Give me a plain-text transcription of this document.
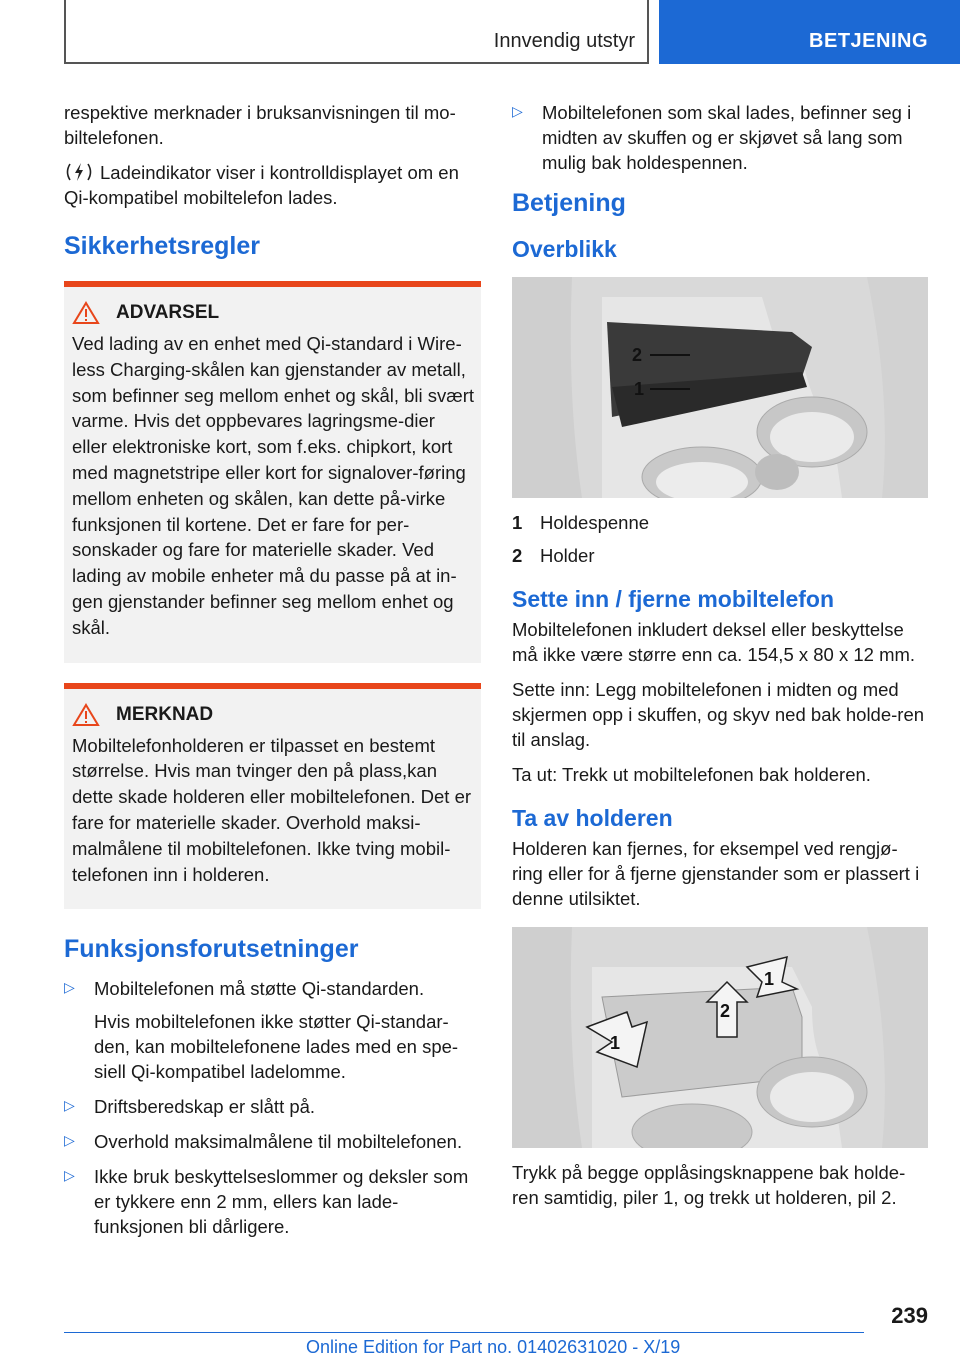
Innvendig utstyr	BETJENING

respektive merknader i bruksanvisningen til mo-biltelefonen.

Ladeindikator viser i kontrolldisplayet om en Qi-kompatibel mobiltelefon lades.

Sikkerhetsregler
ADVARSEL

Ved lading av en enhet med Qi-standard i Wire-less Charging-skålen kan gjenstander av metall, som befinner seg mellom enhet og skål, bli svært varme. Hvis det oppbevares lagringsme-dier eller elektroniske kort, som f.eks. chipkort, kort med magnetstripe eller kort for signalover-føring mellom enheten og skålen, kan dette på-virke funksjonen til kortene. Det er fare for per-sonskader og fare for materielle skader. Ved lading av mobile enheter må du passe på at in-gen gjenstander befinner seg mellom enhet og skål.

MERKNAD

Mobiltelefonholderen er tilpasset en bestemt størrelse. Hvis man tvinger den på plass,kan dette skade holderen eller mobiltelefonen. Det er fare for materielle skader. Overhold maksi-malmålene til mobiltelefonen. Ikke tving mobil-telefonen inn i holderen.

Funksjonsforutsetninger
▷	Mobiltelefonen må støtte Qi-standarden.

Hvis mobiltelefonen ikke støtter Qi-standar-den, kan mobiltelefonene lades med en spe-siell Qi-kompatibel ladelomme.

▷	Driftsberedskap er slått på.

▷	Overhold maksimalmålene til mobiltelefonen.

▷	Ikke bruk beskyttelseslommer og deksler som er tykkere enn 2 mm, ellers kan lade-funksjonen bli dårligere.

▷	Mobiltelefonen som skal lades, befinner seg i midten av skuffen og er skjøvet så lang som mulig bak holdespennen.

Betjening
Overblikk
2
1
1 Holdespenne
2 Holder
Sette inn / fjerne mobiltelefon

Mobiltelefonen inkludert deksel eller beskyttelse må ikke være større enn ca. 154,5 x 80 x 12 mm.

Sette inn: Legg mobiltelefonen i midten og med skjermen opp i skuffen, og skyv ned bak holde-ren til anslag.

Ta ut: Trekk ut mobiltelefonen bak holderen.

Ta av holderen

Holderen kan fjernes, for eksempel ved rengjø-ring eller for å fjerne gjenstander som er plassert i denne utilsiktet.

1
2
1

Trykk på begge opplåsingsknappene bak holde-ren samtidig, piler 1, og trekk ut holderen, pil 2.

239
Online Edition for Part no. 01402631020 - X/19
